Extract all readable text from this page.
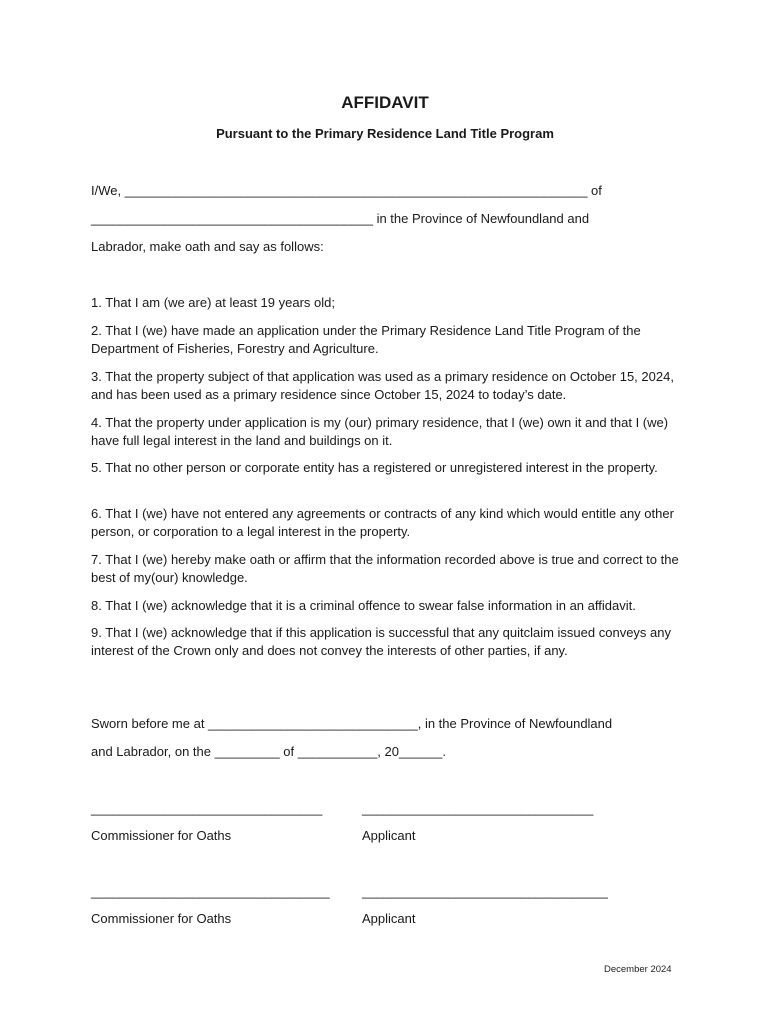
AFFIDAVIT
Pursuant to the Primary Residence Land Title Program
I/We, ________________________________________________________________ of
_______________________________________ in the Province of Newfoundland and
Labrador, make oath and say as follows:
1. That I am (we are) at least 19 years old;
2. That I (we) have made an application under the Primary Residence Land Title Program of the Department of Fisheries, Forestry and Agriculture.
3. That the property subject of that application was used as a primary residence on October 15, 2024, and has been used as a primary residence since October 15, 2024 to today’s date.
4. That the property under application is my (our) primary residence, that I (we) own it and that I (we) have full legal interest in the land and buildings on it.
5. That no other person or corporate entity has a registered or unregistered interest in the property.
6. That I (we) have not entered any agreements or contracts of any kind which would entitle any other person, or corporation to a legal interest in the property.
7. That I (we) hereby make oath or affirm that the information recorded above is true and correct to the best of my(our) knowledge.
8. That I (we) acknowledge that it is a criminal offence to swear false information in an affidavit.
9. That I (we) acknowledge that if this application is successful that any quitclaim issued conveys any interest of the Crown only and does not convey the interests of other parties, if any.
Sworn before me at _____________________________, in the Province of Newfoundland
and Labrador, on the _________ of ___________, 20______.
________________________________	________________________________
Commissioner for Oaths	Applicant
_________________________________ __________________________________
Commissioner for Oaths	Applicant
December 2024
